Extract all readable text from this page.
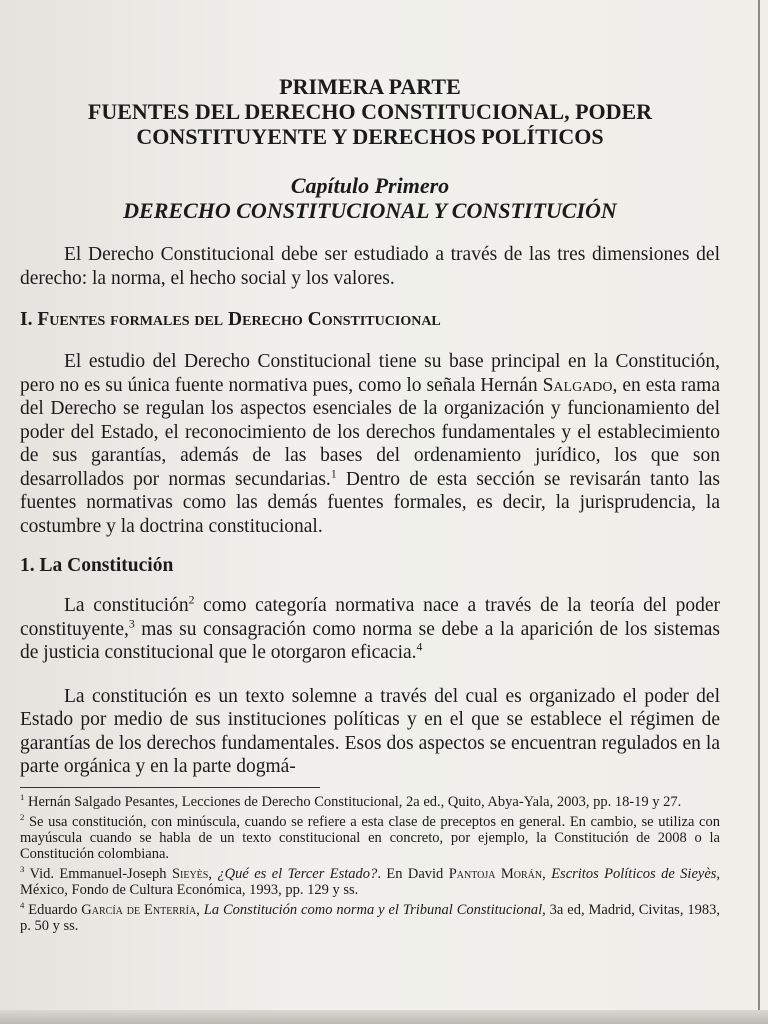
PRIMERA PARTE
FUENTES DEL DERECHO CONSTITUCIONAL, PODER
CONSTITUYENTE Y DERECHOS POLÍTICOS
Capítulo Primero
DERECHO CONSTITUCIONAL Y CONSTITUCIÓN

El Derecho Constitucional debe ser estudiado a través de las tres dimensiones del derecho: la norma, el hecho social y los valores.

I. Fuentes formales del Derecho Constitucional

El estudio del Derecho Constitucional tiene su base principal en la Constitución, pero no es su única fuente normativa pues, como lo señala Hernán Salgado, en esta rama del Derecho se regulan los aspectos esenciales de la organización y funcionamiento del poder del Estado, el reconocimiento de los derechos fundamentales y el establecimiento de sus garantías, además de las bases del ordenamiento jurídico, los que son desarrollados por normas secundarias.$^1$ Dentro de esta sección se revisarán tanto las fuentes normativas como las demás fuentes formales, es decir, la jurisprudencia, la costumbre y la doctrina constitucional.

1. La Constitución

La constitución$^2$ como categoría normativa nace a través de la teoría del poder constituyente,$^3$ mas su consagración como norma se debe a la aparición de los sistemas de justicia constitucional que le otorgaron eficacia.$^4$

La constitución es un texto solemne a través del cual es organizado el poder del Estado por medio de sus instituciones políticas y en el que se establece el régimen de garantías de los derechos fundamentales. Esos dos aspectos se encuentran regulados en la parte orgánica y en la parte dogmá-

$^1$ Hernán Salgado Pesantes, Lecciones de Derecho Constitucional, 2a ed., Quito, Abya-Yala, 2003, pp. 18-19 y 27.

$^2$ Se usa constitución, con minúscula, cuando se refiere a esta clase de preceptos en general. En cambio, se utiliza con mayúscula cuando se habla de un texto constitucional en concreto, por ejemplo, la Constitución de 2008 o la Constitución colombiana.

$^3$ Vid. Emmanuel-Joseph Sieyès, ¿Qué es el Tercer Estado?. En David Pantoja Morán, Escritos Políticos de Sieyès, México, Fondo de Cultura Económica, 1993, pp. 129 y ss.

$^4$ Eduardo García de Enterría, La Constitución como norma y el Tribunal Constitucional, 3a ed, Madrid, Civitas, 1983, p. 50 y ss.
